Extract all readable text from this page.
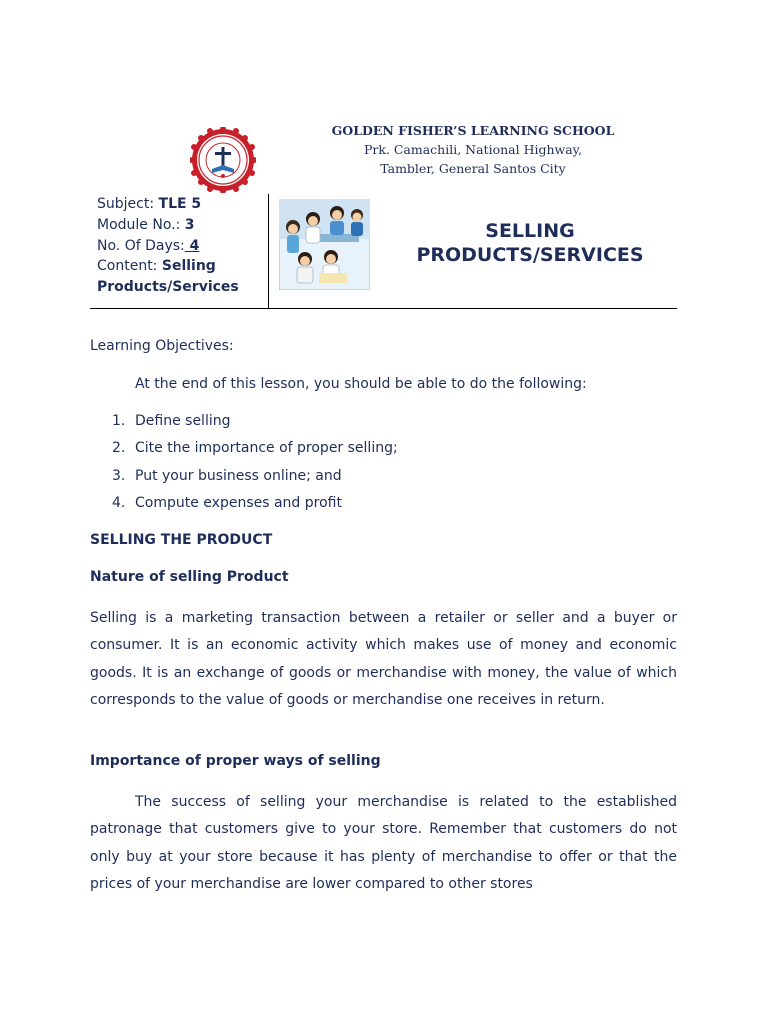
GOLDEN FISHER’S LEARNING SCHOOL
Prk. Camachili, National Highway,
Tambler, General Santos City
Subject: TLE 5
Module No.: 3
No. Of Days: 4
Content: Selling
Products/Services
SELLING
PRODUCTS/SERVICES
Learning Objectives:
At the end of this lesson, you should be able to do the following:
1. Define selling
2. Cite the importance of proper selling;
3. Put your business online; and
4. Compute expenses and profit
SELLING THE PRODUCT
Nature of selling Product
Selling is a marketing transaction between a retailer or seller and a buyer or consumer. It is an economic activity which makes use of money and economic goods. It is an exchange of goods or merchandise with money, the value of which corresponds to the value of goods or merchandise one receives in return.
Importance of proper ways of selling
The success of selling your merchandise is related to the established patronage that customers give to your store. Remember that customers do not only buy at your store because it has plenty of merchandise to offer or that the prices of your merchandise are lower compared to other stores
